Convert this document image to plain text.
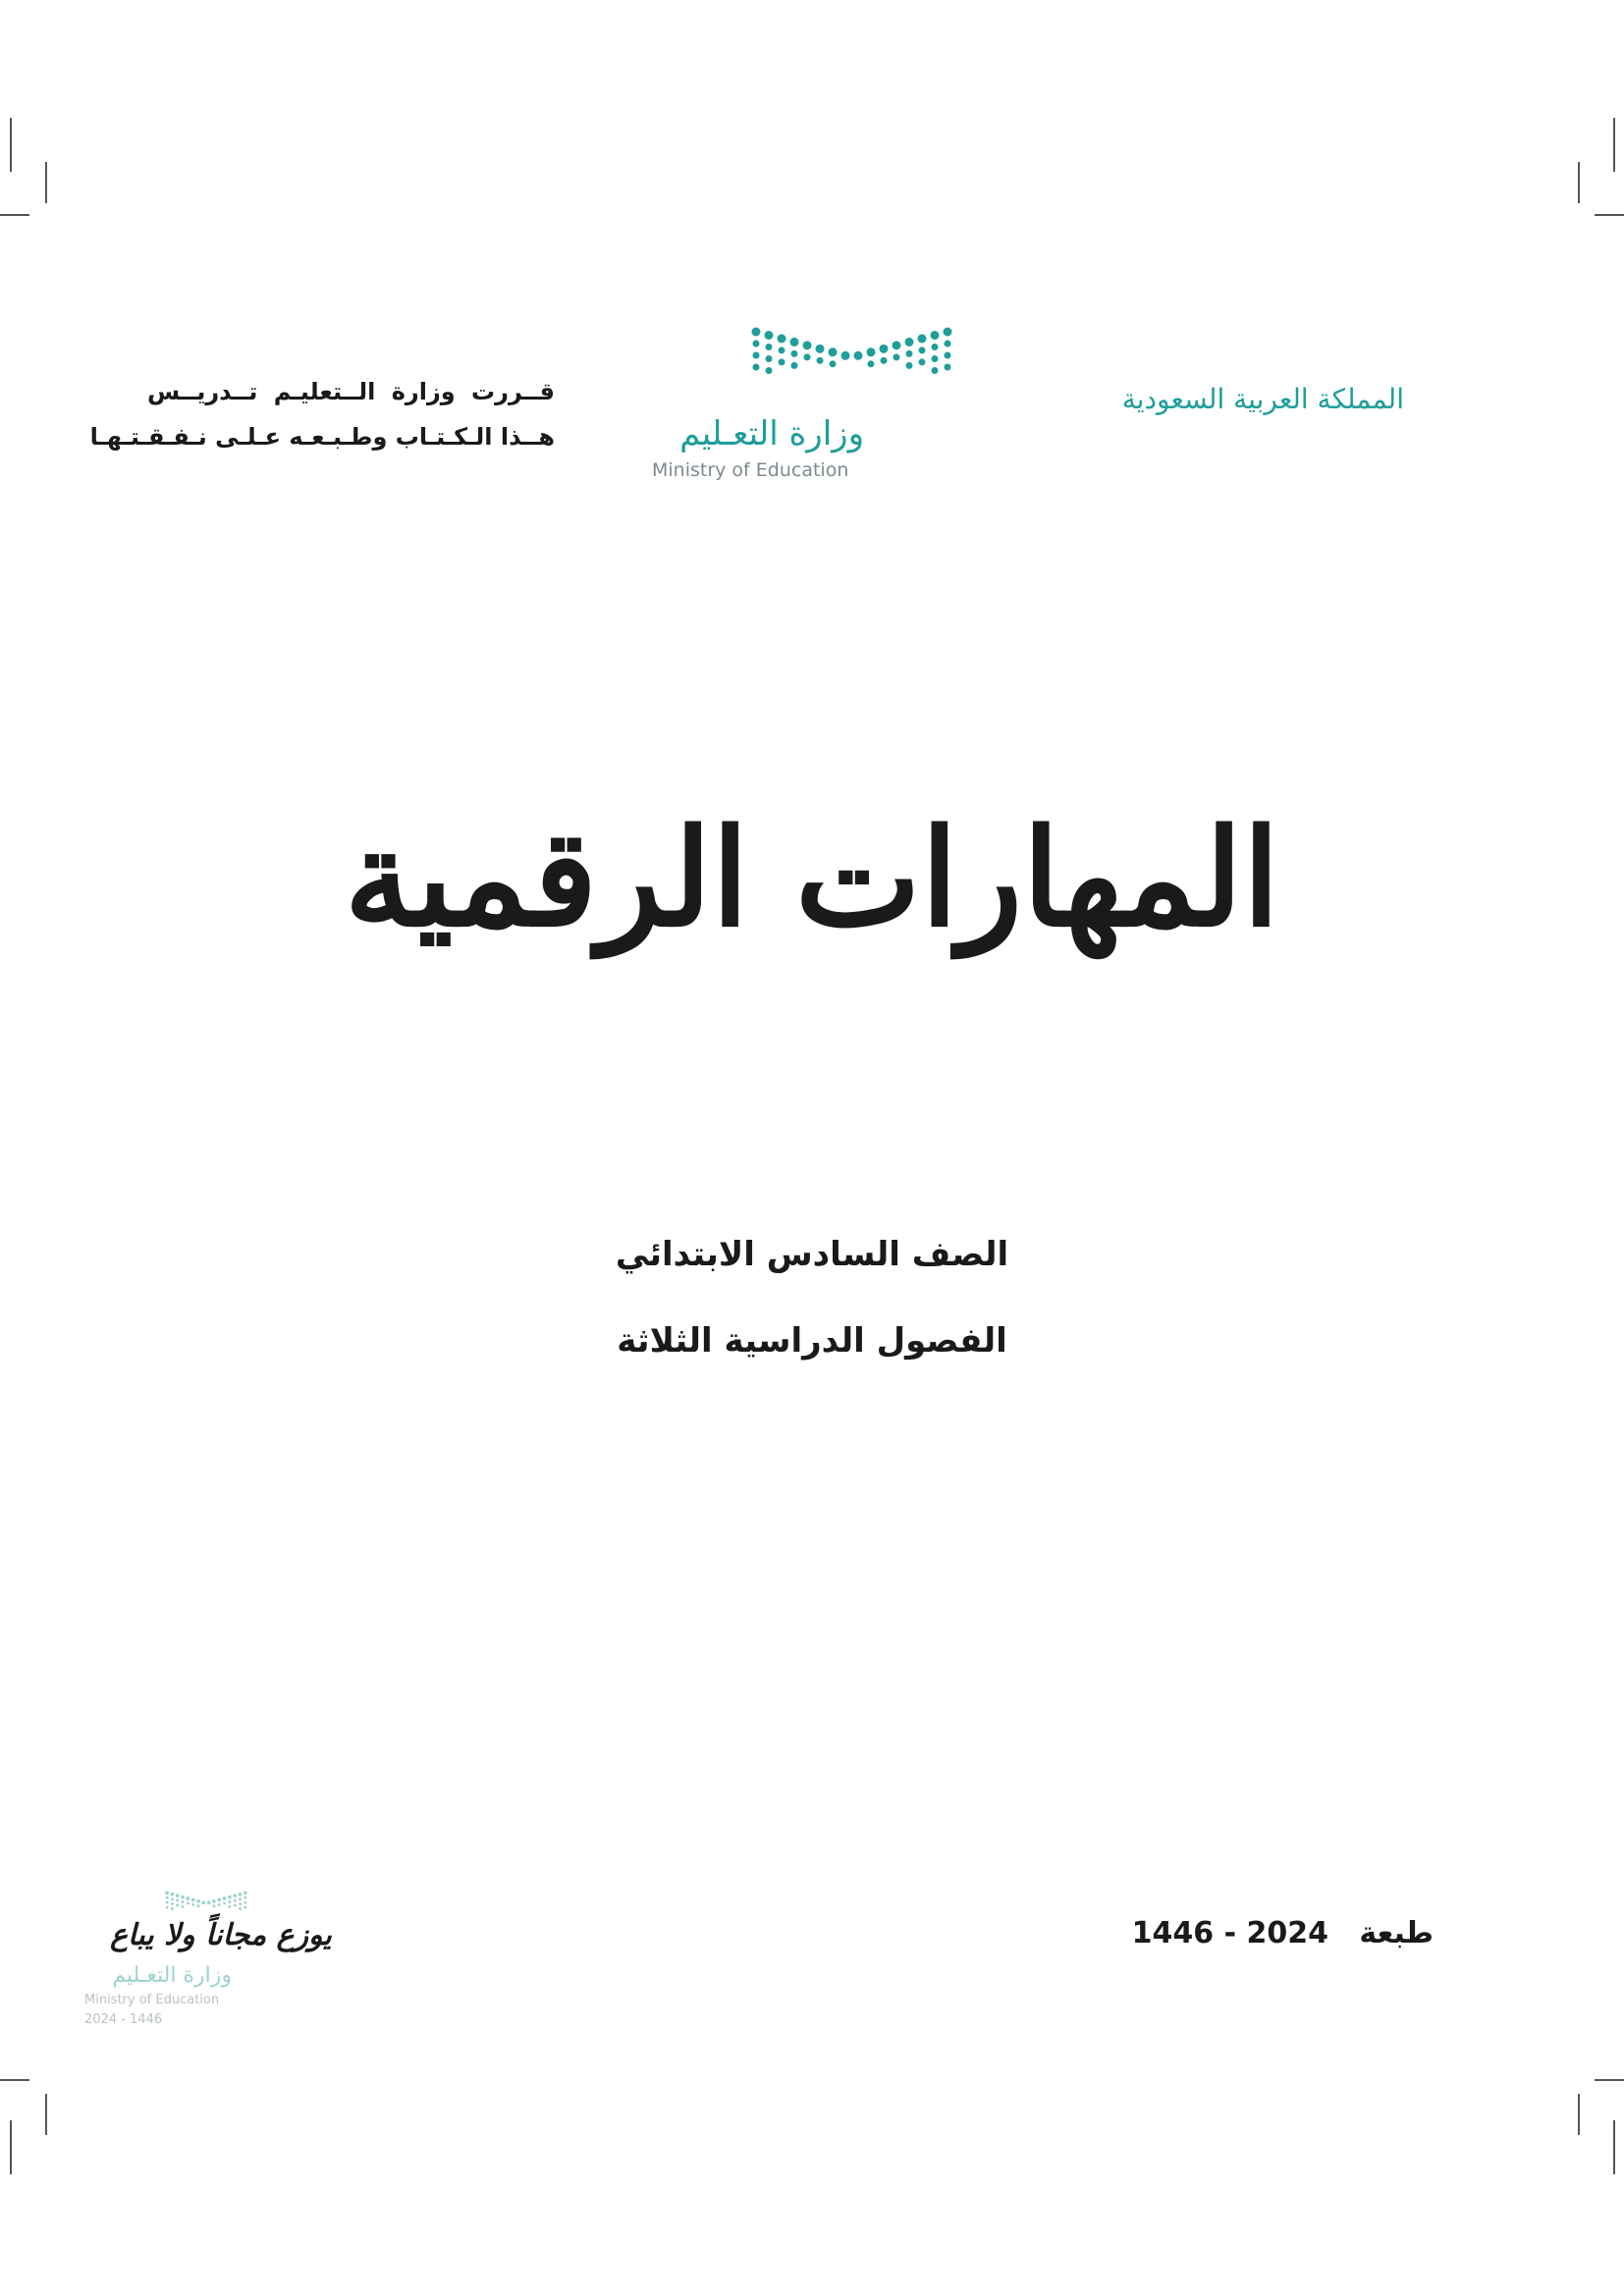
المملكة العربية السعودية
وزارة التعـليم
Ministry of Education
قــررت وزارة الــتعليـم تــدريــس
هــذا الـكـتـاب وطـبـعـه عـلـى نـفـقـتـهـا
المهارات الرقمية
الصف السادس الابتدائي
الفصول الدراسية الثلاثة
يوزع مجاناً ولا يباع
وزارة التعـليم
Ministry of Education
2024 - 1446
طبعة   1446 - 2024
